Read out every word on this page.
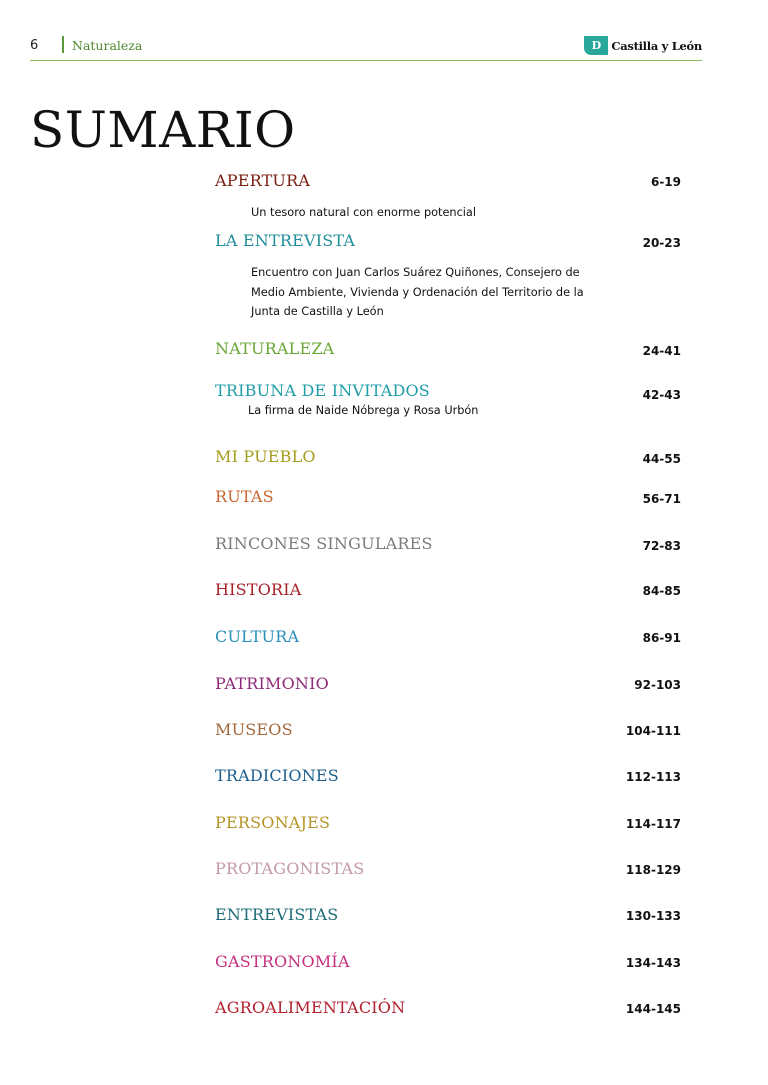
6	Naturaleza	D Castilla y León
SUMARIO
APERTURA	6-19
Un tesoro natural con enorme potencial
LA ENTREVISTA	20-23
Encuentro con Juan Carlos Suárez Quiñones, Consejero de Medio Ambiente, Vivienda y Ordenación del Territorio de la Junta de Castilla y León
NATURALEZA	24-41
TRIBUNA DE INVITADOS	42-43
La firma de Naide Nóbrega y Rosa Urbón
MI PUEBLO	44-55
RUTAS	56-71
RINCONES SINGULARES	72-83
HISTORIA	84-85
CULTURA	86-91
PATRIMONIO	92-103
MUSEOS	104-111
TRADICIONES	112-113
PERSONAJES	114-117
PROTAGONISTAS	118-129
ENTREVISTAS	130-133
GASTRONOMÍA	134-143
AGROALIMENTACIÓN	144-145
